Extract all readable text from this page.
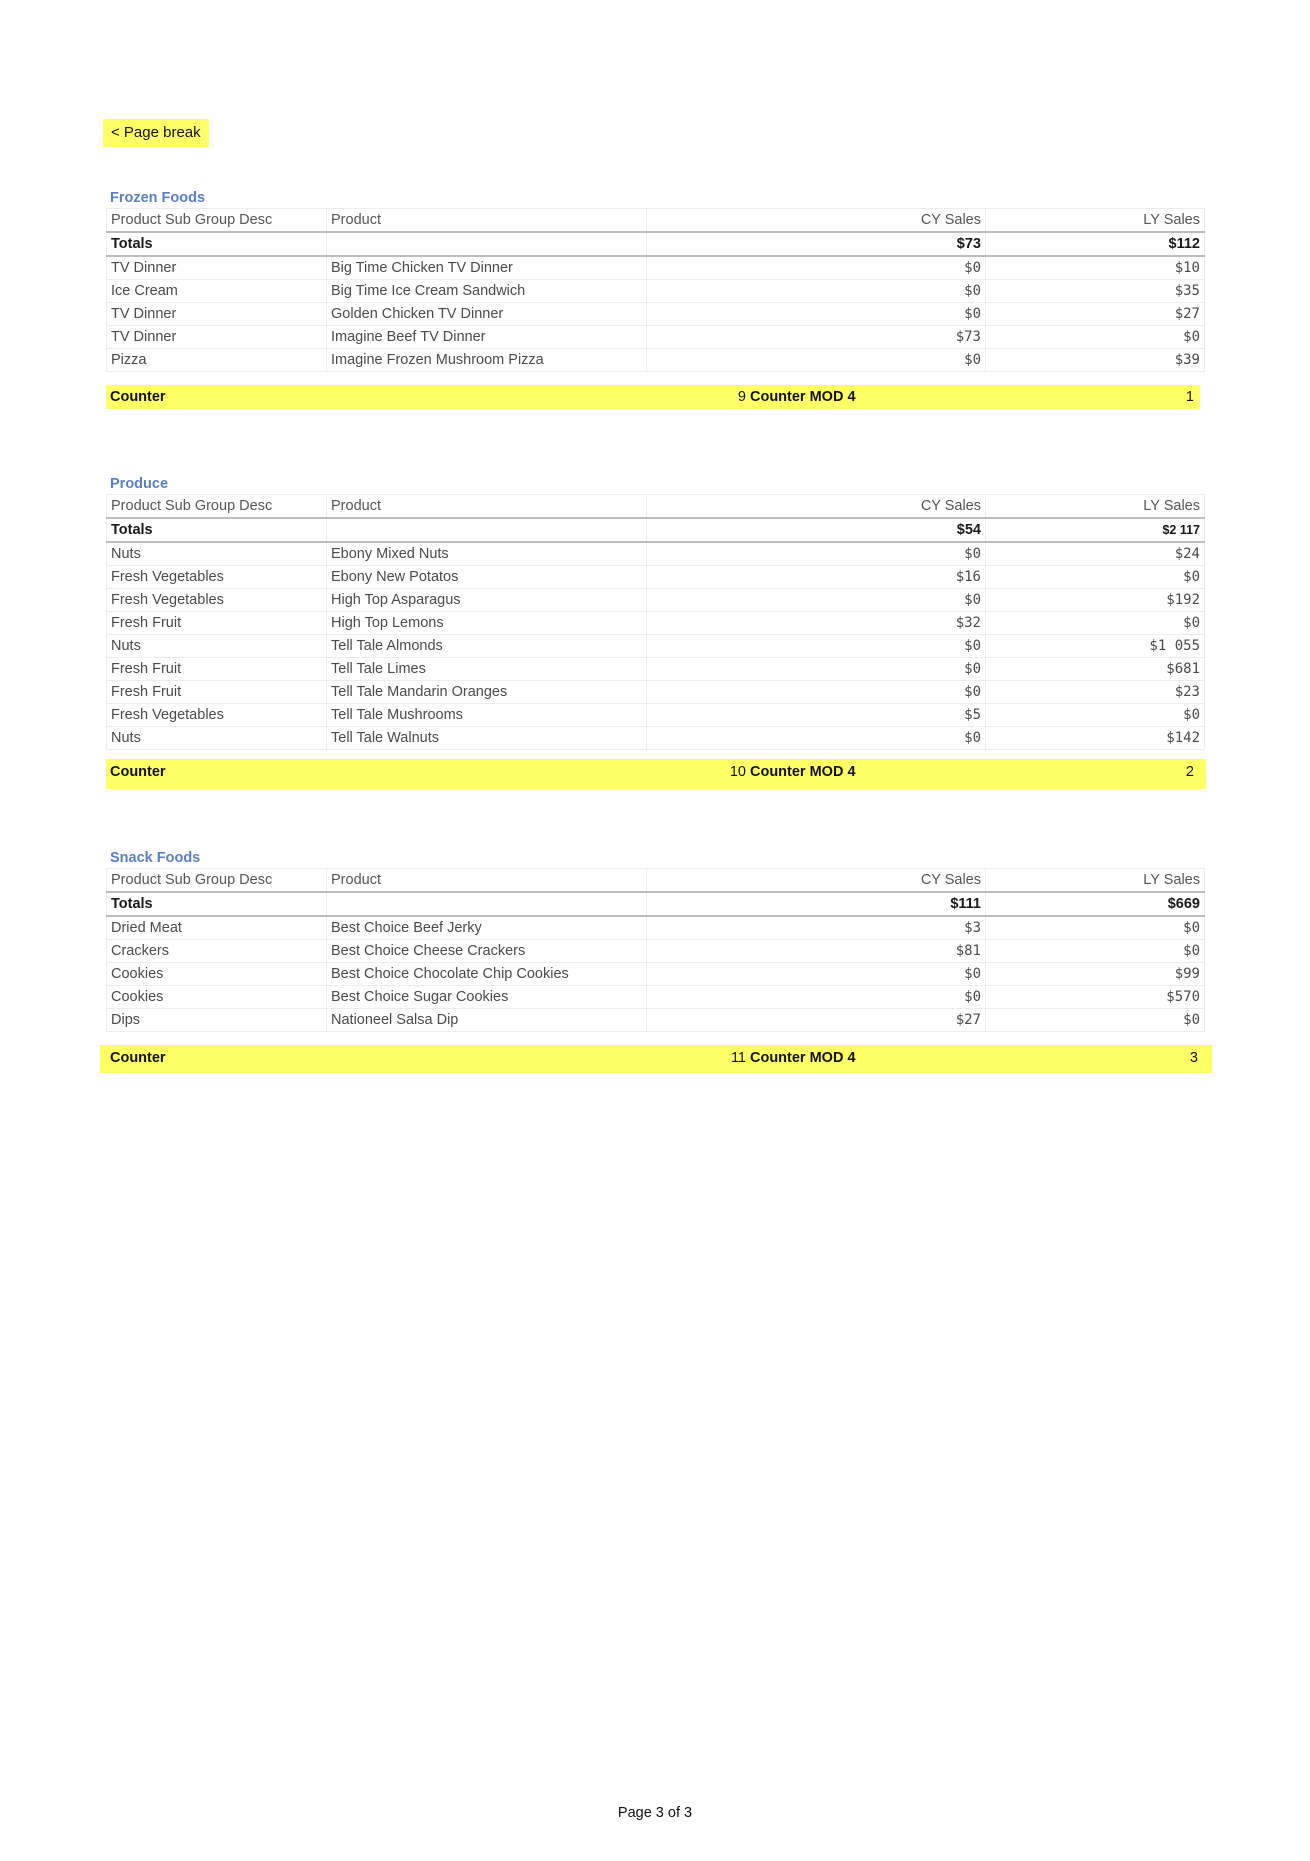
< Page break
Frozen Foods
Product Sub Group Desc	Product	CY Sales	LY Sales
Totals		$73	$112
TV Dinner	Big Time Chicken TV Dinner	$0	$10
Ice Cream	Big Time Ice Cream Sandwich	$0	$35
TV Dinner	Golden Chicken TV Dinner	$0	$27
TV Dinner	Imagine Beef TV Dinner	$73	$0
Pizza	Imagine Frozen Mushroom Pizza	$0	$39
Counter	9 Counter MOD 4	1
Produce
Product Sub Group Desc	Product	CY Sales	LY Sales
Totals		$54	$2 117
Nuts	Ebony Mixed Nuts	$0	$24
Fresh Vegetables	Ebony New Potatos	$16	$0
Fresh Vegetables	High Top Asparagus	$0	$192
Fresh Fruit	High Top Lemons	$32	$0
Nuts	Tell Tale Almonds	$0	$1 055
Fresh Fruit	Tell Tale Limes	$0	$681
Fresh Fruit	Tell Tale Mandarin Oranges	$0	$23
Fresh Vegetables	Tell Tale Mushrooms	$5	$0
Nuts	Tell Tale Walnuts	$0	$142
Counter	10 Counter MOD 4	2
Snack Foods
Product Sub Group Desc	Product	CY Sales	LY Sales
Totals		$111	$669
Dried Meat	Best Choice Beef Jerky	$3	$0
Crackers	Best Choice Cheese Crackers	$81	$0
Cookies	Best Choice Chocolate Chip Cookies	$0	$99
Cookies	Best Choice Sugar Cookies	$0	$570
Dips	Nationeel Salsa Dip	$27	$0
Counter	11 Counter MOD 4	3
Page 3 of 3
